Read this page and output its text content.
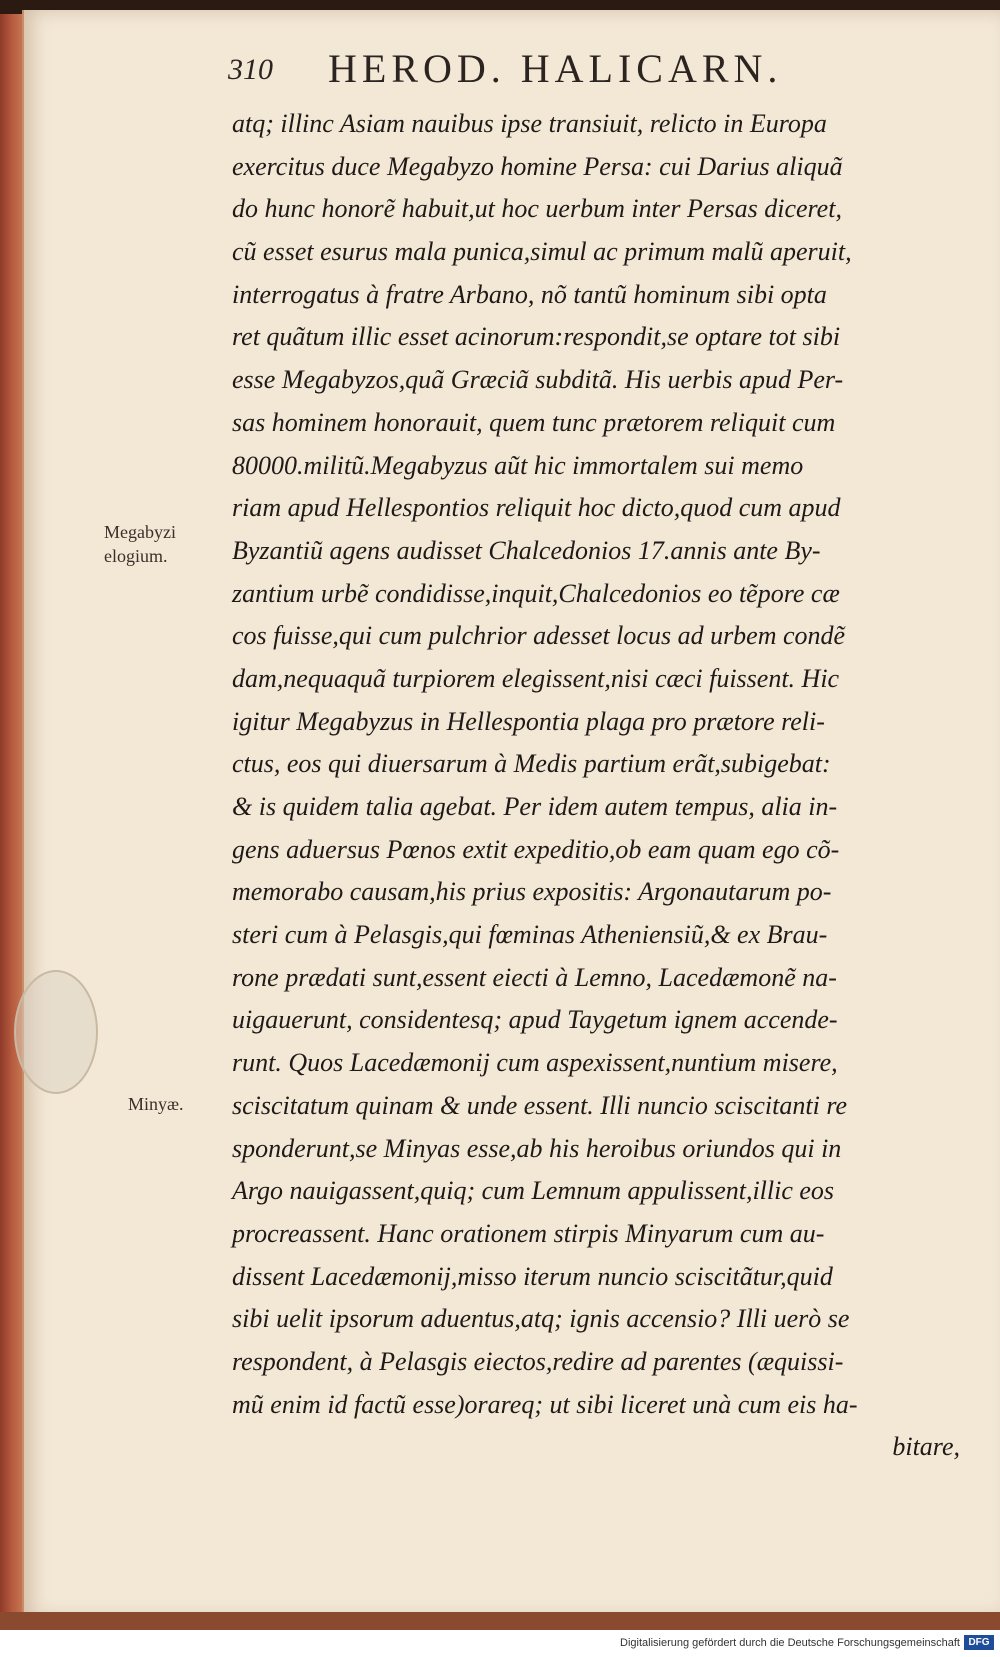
310 HEROD. HALICARN.
Megabyzi
elogium.
Minyæ.
atq; illinc Asiam nauibus ipse transiuit, relicto in Europa
exercitus duce Megabyzo homine Persa: cui Darius aliquã
do hunc honorẽ habuit,ut hoc uerbum inter Persas diceret,
cũ esset esurus mala punica,simul ac primum malũ aperuit,
interrogatus à fratre Arbano, nõ tantũ hominum sibi opta
ret quãtum illic esset acinorum:respondit,se optare tot sibi
esse Megabyzos,quã Græciã subditã. His uerbis apud Per-
sas hominem honorauit, quem tunc prætorem reliquit cum
80000.militũ.Megabyzus aũt hic immortalem sui memo
riam apud Hellespontios reliquit hoc dicto,quod cum apud
Byzantiũ agens audisset Chalcedonios 17.annis ante By-
zantium urbẽ condidisse,inquit,Chalcedonios eo tẽpore cæ
cos fuisse,qui cum pulchrior adesset locus ad urbem condẽ
dam,nequaquã turpiorem elegissent,nisi cæci fuissent. Hic
igitur Megabyzus in Hellespontia plaga pro prætore reli-
ctus, eos qui diuersarum à Medis partium erãt,subigebat:
& is quidem talia agebat. Per idem autem tempus, alia in-
gens aduersus Pœnos extit expeditio,ob eam quam ego cõ-
memorabo causam,his prius expositis: Argonautarum po-
steri cum à Pelasgis,qui fœminas Atheniensiũ,& ex Brau-
rone prædati sunt,essent eiecti à Lemno, Lacedæmonẽ na-
uigauerunt, considentesq; apud Taygetum ignem accende-
runt. Quos Lacedæmonij cum aspexissent,nuntium misere,
sciscitatum quinam & unde essent. Illi nuncio sciscitanti re
sponderunt,se Minyas esse,ab his heroibus oriundos qui in
Argo nauigassent,quiq; cum Lemnum appulissent,illic eos
procreassent. Hanc orationem stirpis Minyarum cum au-
dissent Lacedæmonij,misso iterum nuncio sciscitãtur,quid
sibi uelit ipsorum aduentus,atq; ignis accensio? Illi uerò se
respondent, à Pelasgis eiectos,redire ad parentes (æquissi-
mũ enim id factũ esse)orareq; ut sibi liceret unà cum eis ha-
bitare,
Digitalisierung gefördert durch die Deutsche Forschungsgemeinschaft DFG
